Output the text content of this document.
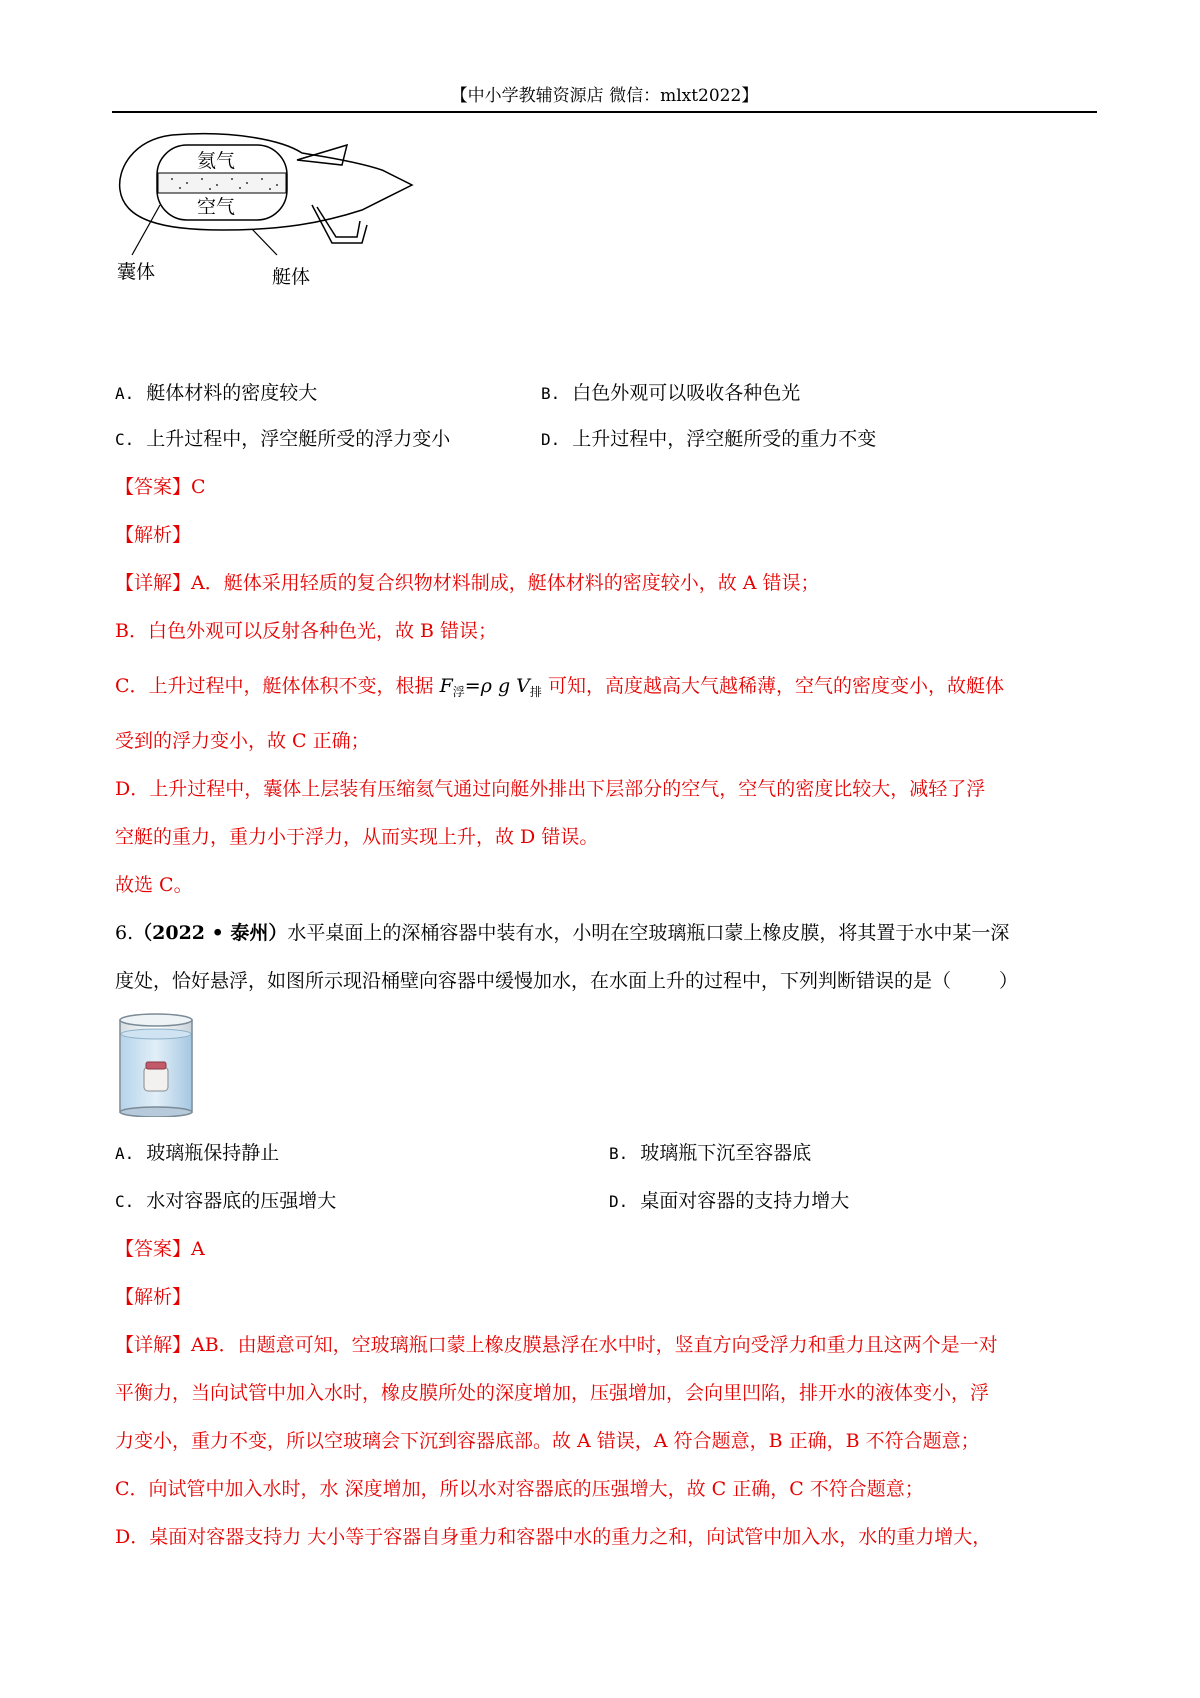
【中小学教辅资源店 微信：mlxt2022】
氦气
空气
囊体	艇体
A. 艇体材料的密度较大	B. 白色外观可以吸收各种色光
C. 上升过程中，浮空艇所受的浮力变小	D. 上升过程中，浮空艇所受的重力不变
【答案】C
【解析】
【详解】A．艇体采用轻质的复合织物材料制成，艇体材料的密度较小，故 A 错误；
B．白色外观可以反射各种色光，故 B 错误；
C．上升过程中，艇体体积不变，根据 $F_浮=\rho$ g $V_排$ 可知，高度越高大气越稀薄，空气的密度变小，故艇体
受到的浮力变小，故 C 正确；
D．上升过程中，囊体上层装有压缩氦气通过向艇外排出下层部分的空气，空气的密度比较大，减轻了浮
空艇的重力，重力小于浮力，从而实现上升，故 D 错误。
故选 C。
6.（2022 • 泰州）水平桌面上的深桶容器中装有水，小明在空玻璃瓶口蒙上橡皮膜，将其置于水中某一深
度处，恰好悬浮，如图所示现沿桶壁向容器中缓慢加水，在水面上升的过程中，下列判断错误的是（	）
A. 玻璃瓶保持静止	B. 玻璃瓶下沉至容器底
C. 水对容器底的压强增大	D. 桌面对容器的支持力增大
【答案】A
【解析】
【详解】AB．由题意可知，空玻璃瓶口蒙上橡皮膜悬浮在水中时，竖直方向受浮力和重力且这两个是一对
平衡力，当向试管中加入水时，橡皮膜所处的深度增加，压强增加，会向里凹陷，排开水的液体变小，浮
力变小，重力不变，所以空玻璃会下沉到容器底部。故 A 错误，A 符合题意，B 正确，B 不符合题意；
C．向试管中加入水时，水 深度增加，所以水对容器底的压强增大，故 C 正确，C 不符合题意；
D．桌面对容器支持力 大小等于容器自身重力和容器中水的重力之和，向试管中加入水，水的重力增大，
